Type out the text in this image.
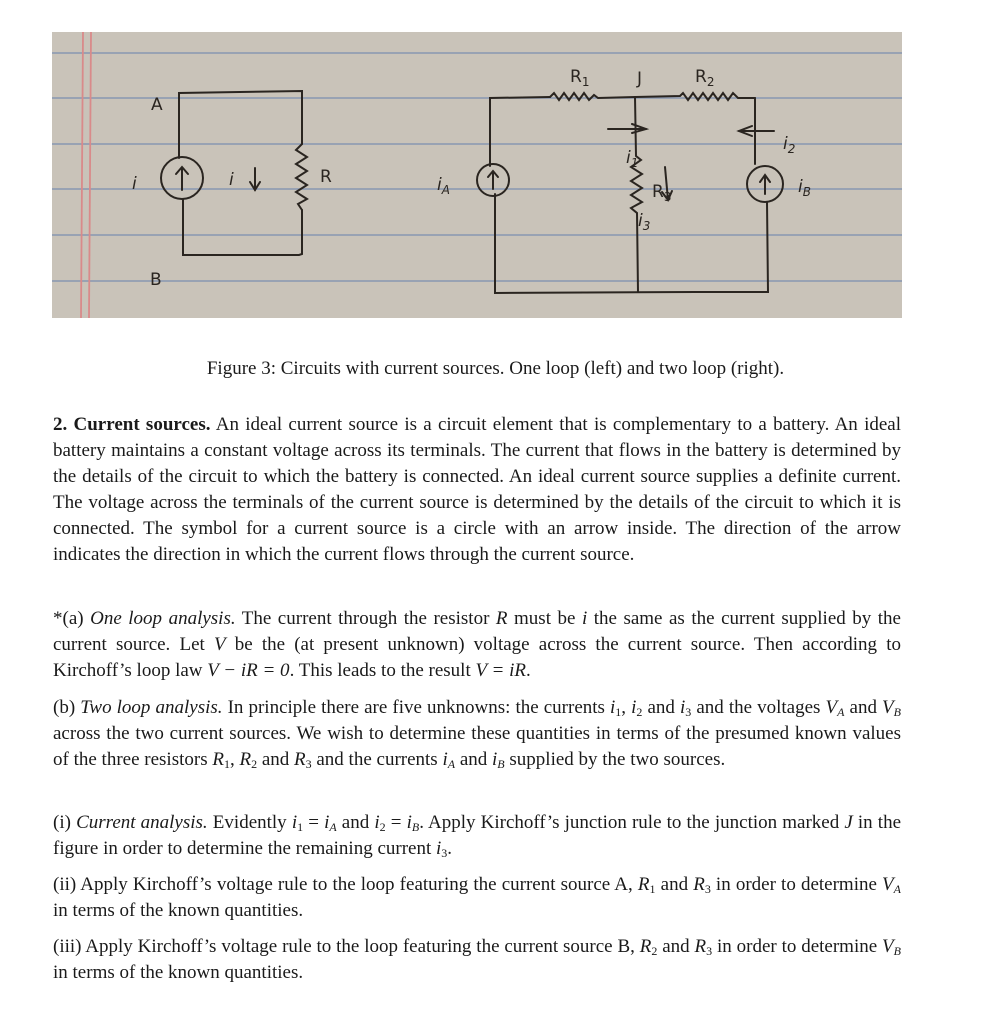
A
B
i	i	R
$R_1$	J	$R_2$
$i_1$
$i_2$
$i_3$
$R_3$
$i_A$	$i_B$
Figure 3: Circuits with current sources. One loop (left) and two loop (right).

2. Current sources. An ideal current source is a circuit element that is complementary to a battery. An ideal battery maintains a constant voltage across its terminals. The current that flows in the battery is determined by the details of the circuit to which the battery is connected. An ideal current source supplies a definite current. The voltage across the terminals of the current source is determined by the details of the circuit to which it is connected. The symbol for a current source is a circle with an arrow inside. The direction of the arrow indicates the direction in which the current flows through the current source.

*(a) One loop analysis. The current through the resistor R must be i the same as the current supplied by the current source. Let V be the (at present unknown) voltage across the current source. Then according to Kirchoff’s loop law V − iR = 0. This leads to the result V = iR.

(b) Two loop analysis. In principle there are five unknowns: the currents $i_1$, $i_2$ and $i_3$ and the voltages $V_A$ and $V_B$ across the two current sources. We wish to determine these quantities in terms of the presumed known values of the three resistors $R_1$, $R_2$ and $R_3$ and the currents $i_A$ and $i_B$ supplied by the two sources.

(i) Current analysis. Evidently $i_1 = i_A$ and $i_2 = i_B$. Apply Kirchoff’s junction rule to the junction marked J in the figure in order to determine the remaining current $i_3$.

(ii) Apply Kirchoff’s voltage rule to the loop featuring the current source A, $R_1$ and $R_3$ in order to determine $V_A$ in terms of the known quantities.

(iii) Apply Kirchoff’s voltage rule to the loop featuring the current source B, $R_2$ and $R_3$ in order to determine $V_B$ in terms of the known quantities.
